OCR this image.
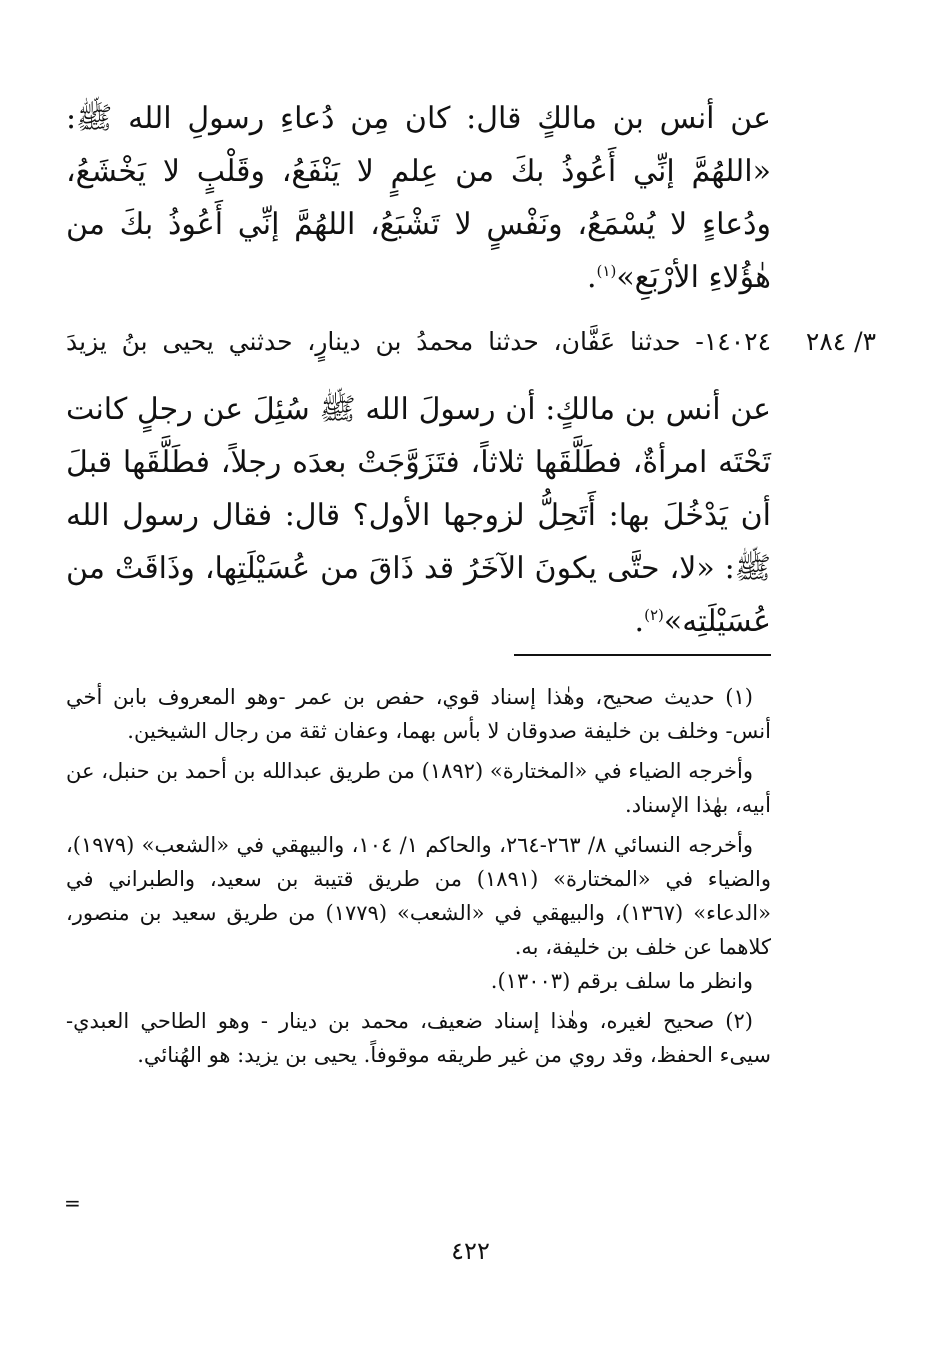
عن أنس بن مالكٍ قال: كان مِن دُعاءِ رسولِ الله ﷺ: «اللهُمَّ إنِّي أَعُوذُ بكَ من عِلمٍ لا يَنْفَعُ، وقَلْبٍ لا يَخْشَعُ، ودُعاءٍ لا يُسْمَعُ، ونَفْسٍ لا تَشْبَعُ، اللهُمَّ إنِّي أَعُوذُ بكَ من هٰؤُلاءِ الأرْبَعِ»$^{(١)}$.
٣/ ٢٨٤
١٤٠٢٤- حدثنا عَفَّان، حدثنا محمدُ بن دينارٍ، حدثني يحيى بنُ يزيدَ
عن أنس بن مالكٍ: أن رسولَ الله ﷺ سُئِلَ عن رجلٍ كانت تَحْتَه امرأةٌ، فطَلَّقَها ثلاثاً، فتَزَوَّجَتْ بعدَه رجلاً، فطَلَّقَها قبلَ أن يَدْخُلَ بها: أَتَحِلُّ لزوجها الأول؟ قال: فقال رسول الله ﷺ: «لا، حتَّى يكونَ الآخَرُ قد ذَاقَ من عُسَيْلَتِها، وذَاقَتْ من عُسَيْلَتِه»$^{(٢)}$.

(١) حديث صحيح، وهٰذا إسناد قوي، حفص بن عمر -وهو المعروف بابن أخي أنس- وخلف بن خليفة صدوقان لا بأس بهما، وعفان ثقة من رجال الشيخين.

وأخرجه الضياء في «المختارة» (١٨٩٢) من طريق عبدالله بن أحمد بن حنبل، عن أبيه، بهٰذا الإسناد.

وأخرجه النسائي ٨/ ٢٦٣-٢٦٤، والحاكم ١/ ١٠٤، والبيهقي في «الشعب» (١٩٧٩)، والضياء في «المختارة» (١٨٩١) من طريق قتيبة بن سعيد، والطبراني في «الدعاء» (١٣٦٧)، والبيهقي في «الشعب» (١٧٧٩) من طريق سعيد بن منصور، كلاهما عن خلف بن خليفة، به.

وانظر ما سلف برقم (١٣٠٠٣).

(٢) صحيح لغيره، وهٰذا إسناد ضعيف، محمد بن دينار - وهو الطاحي العبدي- سيىء الحفظ، وقد روي من غير طريقه موقوفاً. يحيى بن يزيد: هو الهُنائي.

=
٤٢٢
